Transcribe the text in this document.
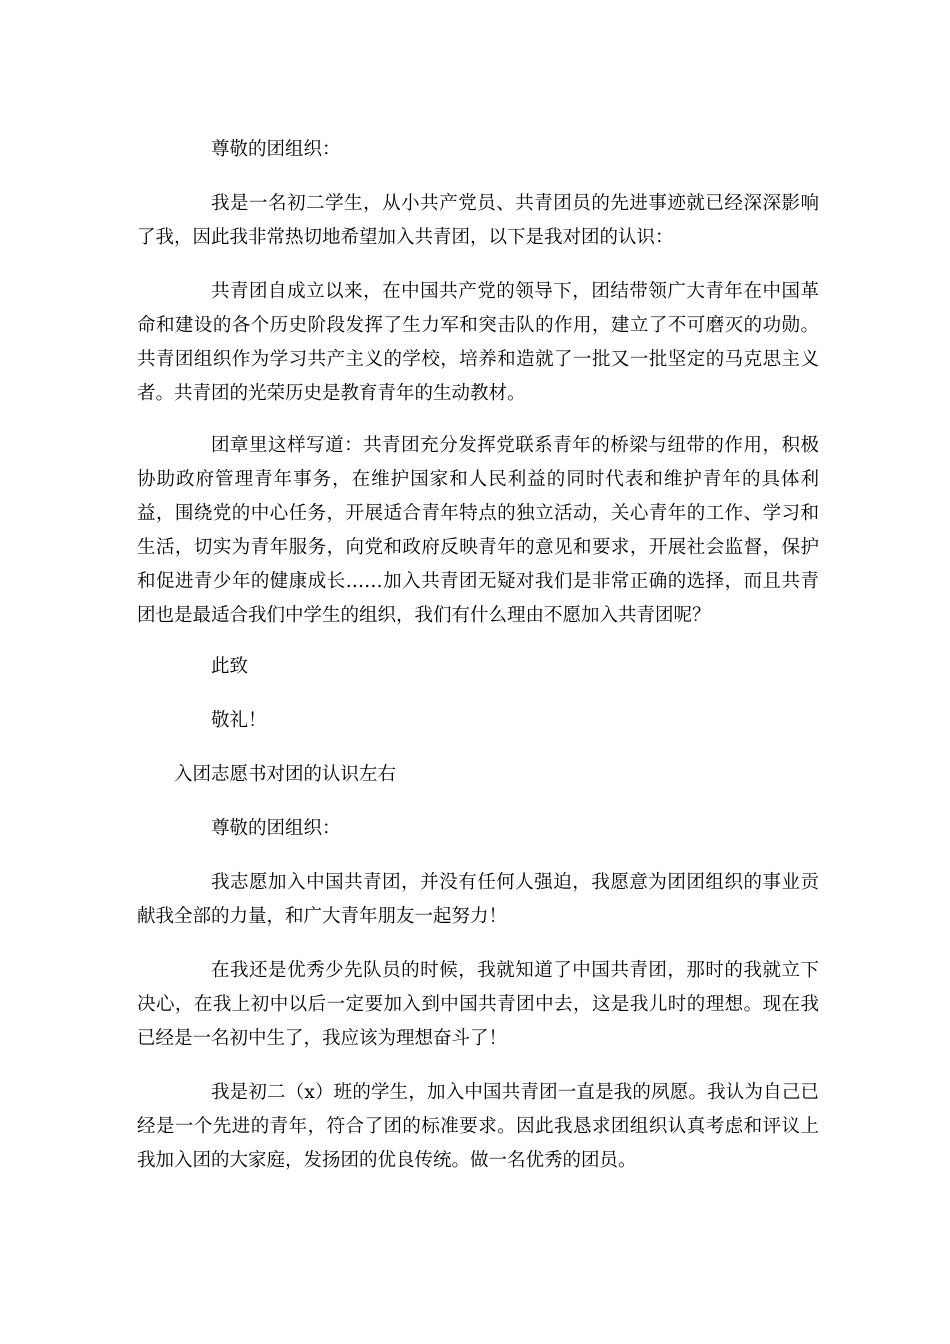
尊敬的团组织：

我是一名初二学生，从小共产党员、共青团员的先进事迹就已经深深影响了我，因此我非常热切地希望加入共青团，以下是我对团的认识：

共青团自成立以来，在中国共产党的领导下，团结带领广大青年在中国革命和建设的各个历史阶段发挥了生力军和突击队的作用，建立了不可磨灭的功勋。共青团组织作为学习共产主义的学校，培养和造就了一批又一批坚定的马克思主义者。共青团的光荣历史是教育青年的生动教材。

团章里这样写道：共青团充分发挥党联系青年的桥梁与纽带的作用，积极协助政府管理青年事务，在维护国家和人民利益的同时代表和维护青年的具体利益，围绕党的中心任务，开展适合青年特点的独立活动，关心青年的工作、学习和生活，切实为青年服务，向党和政府反映青年的意见和要求，开展社会监督，保护和促进青少年的健康成长……加入共青团无疑对我们是非常正确的选择，而且共青团也是最适合我们中学生的组织，我们有什么理由不愿加入共青团呢？

此致

敬礼！

入团志愿书对团的认识左右

尊敬的团组织：

我志愿加入中国共青团，并没有任何人强迫，我愿意为团团组织的事业贡献我全部的力量，和广大青年朋友一起努力！

在我还是优秀少先队员的时候，我就知道了中国共青团，那时的我就立下决心，在我上初中以后一定要加入到中国共青团中去，这是我儿时的理想。现在我已经是一名初中生了，我应该为理想奋斗了！

我是初二（x）班的学生，加入中国共青团一直是我的夙愿。我认为自己已经是一个先进的青年，符合了团的标准要求。因此我恳求团组织认真考虑和评议上我加入团的大家庭，发扬团的优良传统。做一名优秀的团员。
